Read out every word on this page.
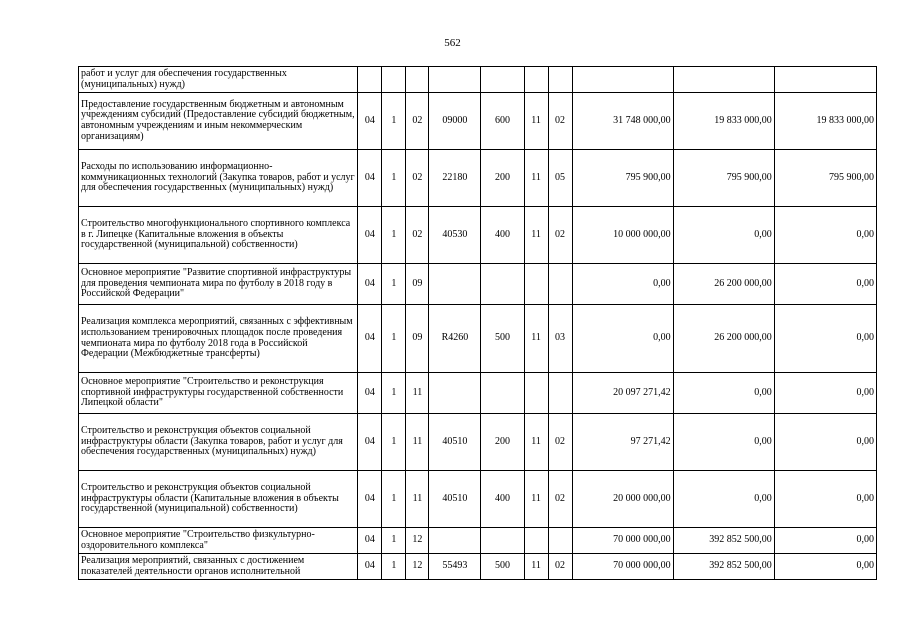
562
работ и услуг для обеспечения государственных (муниципальных) нужд)										
Предоставление государственным бюджетным и автономным учреждениям субсидий (Предоставление субсидий бюджетным, автономным учреждениям и иным некоммерческим организациям)	04	1	02	09000	600	11	02	31 748 000,00	19 833 000,00	19 833 000,00
Расходы по использованию информационно-коммуникационных технологий (Закупка товаров, работ и услуг для обеспечения государственных (муниципальных) нужд)	04	1	02	22180	200	11	05	795 900,00	795 900,00	795 900,00
Строительство многофункционального спортивного комплекса в г. Липецке (Капитальные вложения в объекты государственной (муниципальной) собственности)	04	1	02	40530	400	11	02	10 000 000,00	0,00	0,00
Основное мероприятие "Развитие спортивной инфраструктуры для проведения чемпионата мира по футболу в 2018 году в Российской Федерации"	04	1	09					0,00	26 200 000,00	0,00
Реализация комплекса мероприятий, связанных с эффективным использованием тренировочных площадок после проведения чемпионата мира по футболу 2018 года в Российской Федерации (Межбюджетные трансферты)	04	1	09	R4260	500	11	03	0,00	26 200 000,00	0,00
Основное мероприятие "Строительство и реконструкция спортивной инфраструктуры государственной собственности Липецкой области"	04	1	11					20 097 271,42	0,00	0,00
Строительство и реконструкция объектов социальной инфраструктуры области (Закупка товаров, работ и услуг для обеспечения государственных (муниципальных) нужд)	04	1	11	40510	200	11	02	97 271,42	0,00	0,00
Строительство и реконструкция объектов социальной инфраструктуры области (Капитальные вложения в объекты государственной (муниципальной) собственности)	04	1	11	40510	400	11	02	20 000 000,00	0,00	0,00
Основное мероприятие "Строительство физкультурно-оздоровительного комплекса"	04	1	12					70 000 000,00	392 852 500,00	0,00
Реализация мероприятий, связанных с достижением показателей деятельности органов исполнительной	04	1	12	55493	500	11	02	70 000 000,00	392 852 500,00	0,00
